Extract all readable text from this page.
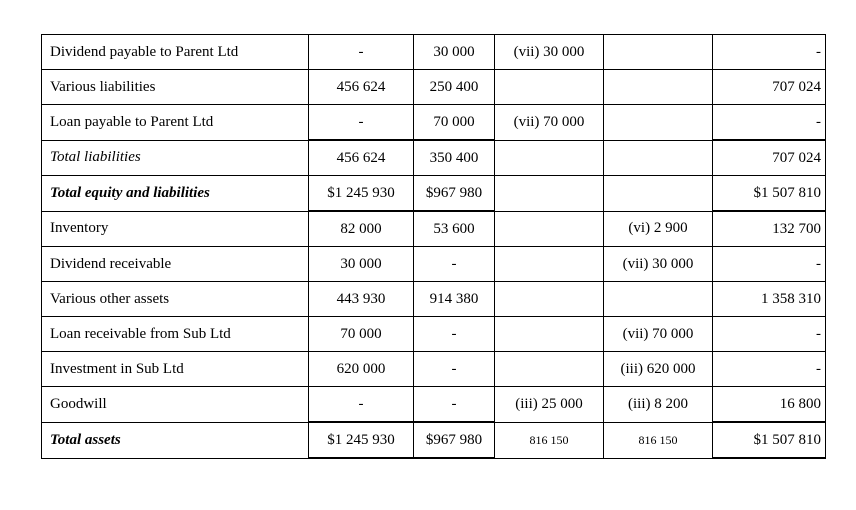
Dividend payable to Parent Ltd	-	30 000	(vii) 30 000		-
Various liabilities	456 624	250 400			707 024
Loan payable to Parent Ltd	-	70 000	(vii) 70 000		-
Total liabilities	456 624	350 400			707 024
Total equity and liabilities	$1 245 930	$967 980			$1 507 810
Inventory	82 000	53 600		(vi) 2 900	132 700
Dividend receivable	30 000	-		(vii) 30 000	-
Various other assets	443 930	914 380			1 358 310
Loan receivable from Sub Ltd	70 000	-		(vii) 70 000	-
Investment in Sub Ltd	620 000	-		(iii) 620 000	-
Goodwill	-	-	(iii) 25 000	(iii) 8 200	16 800
Total assets	$1 245 930	$967 980	816 150	816 150	$1 507 810
